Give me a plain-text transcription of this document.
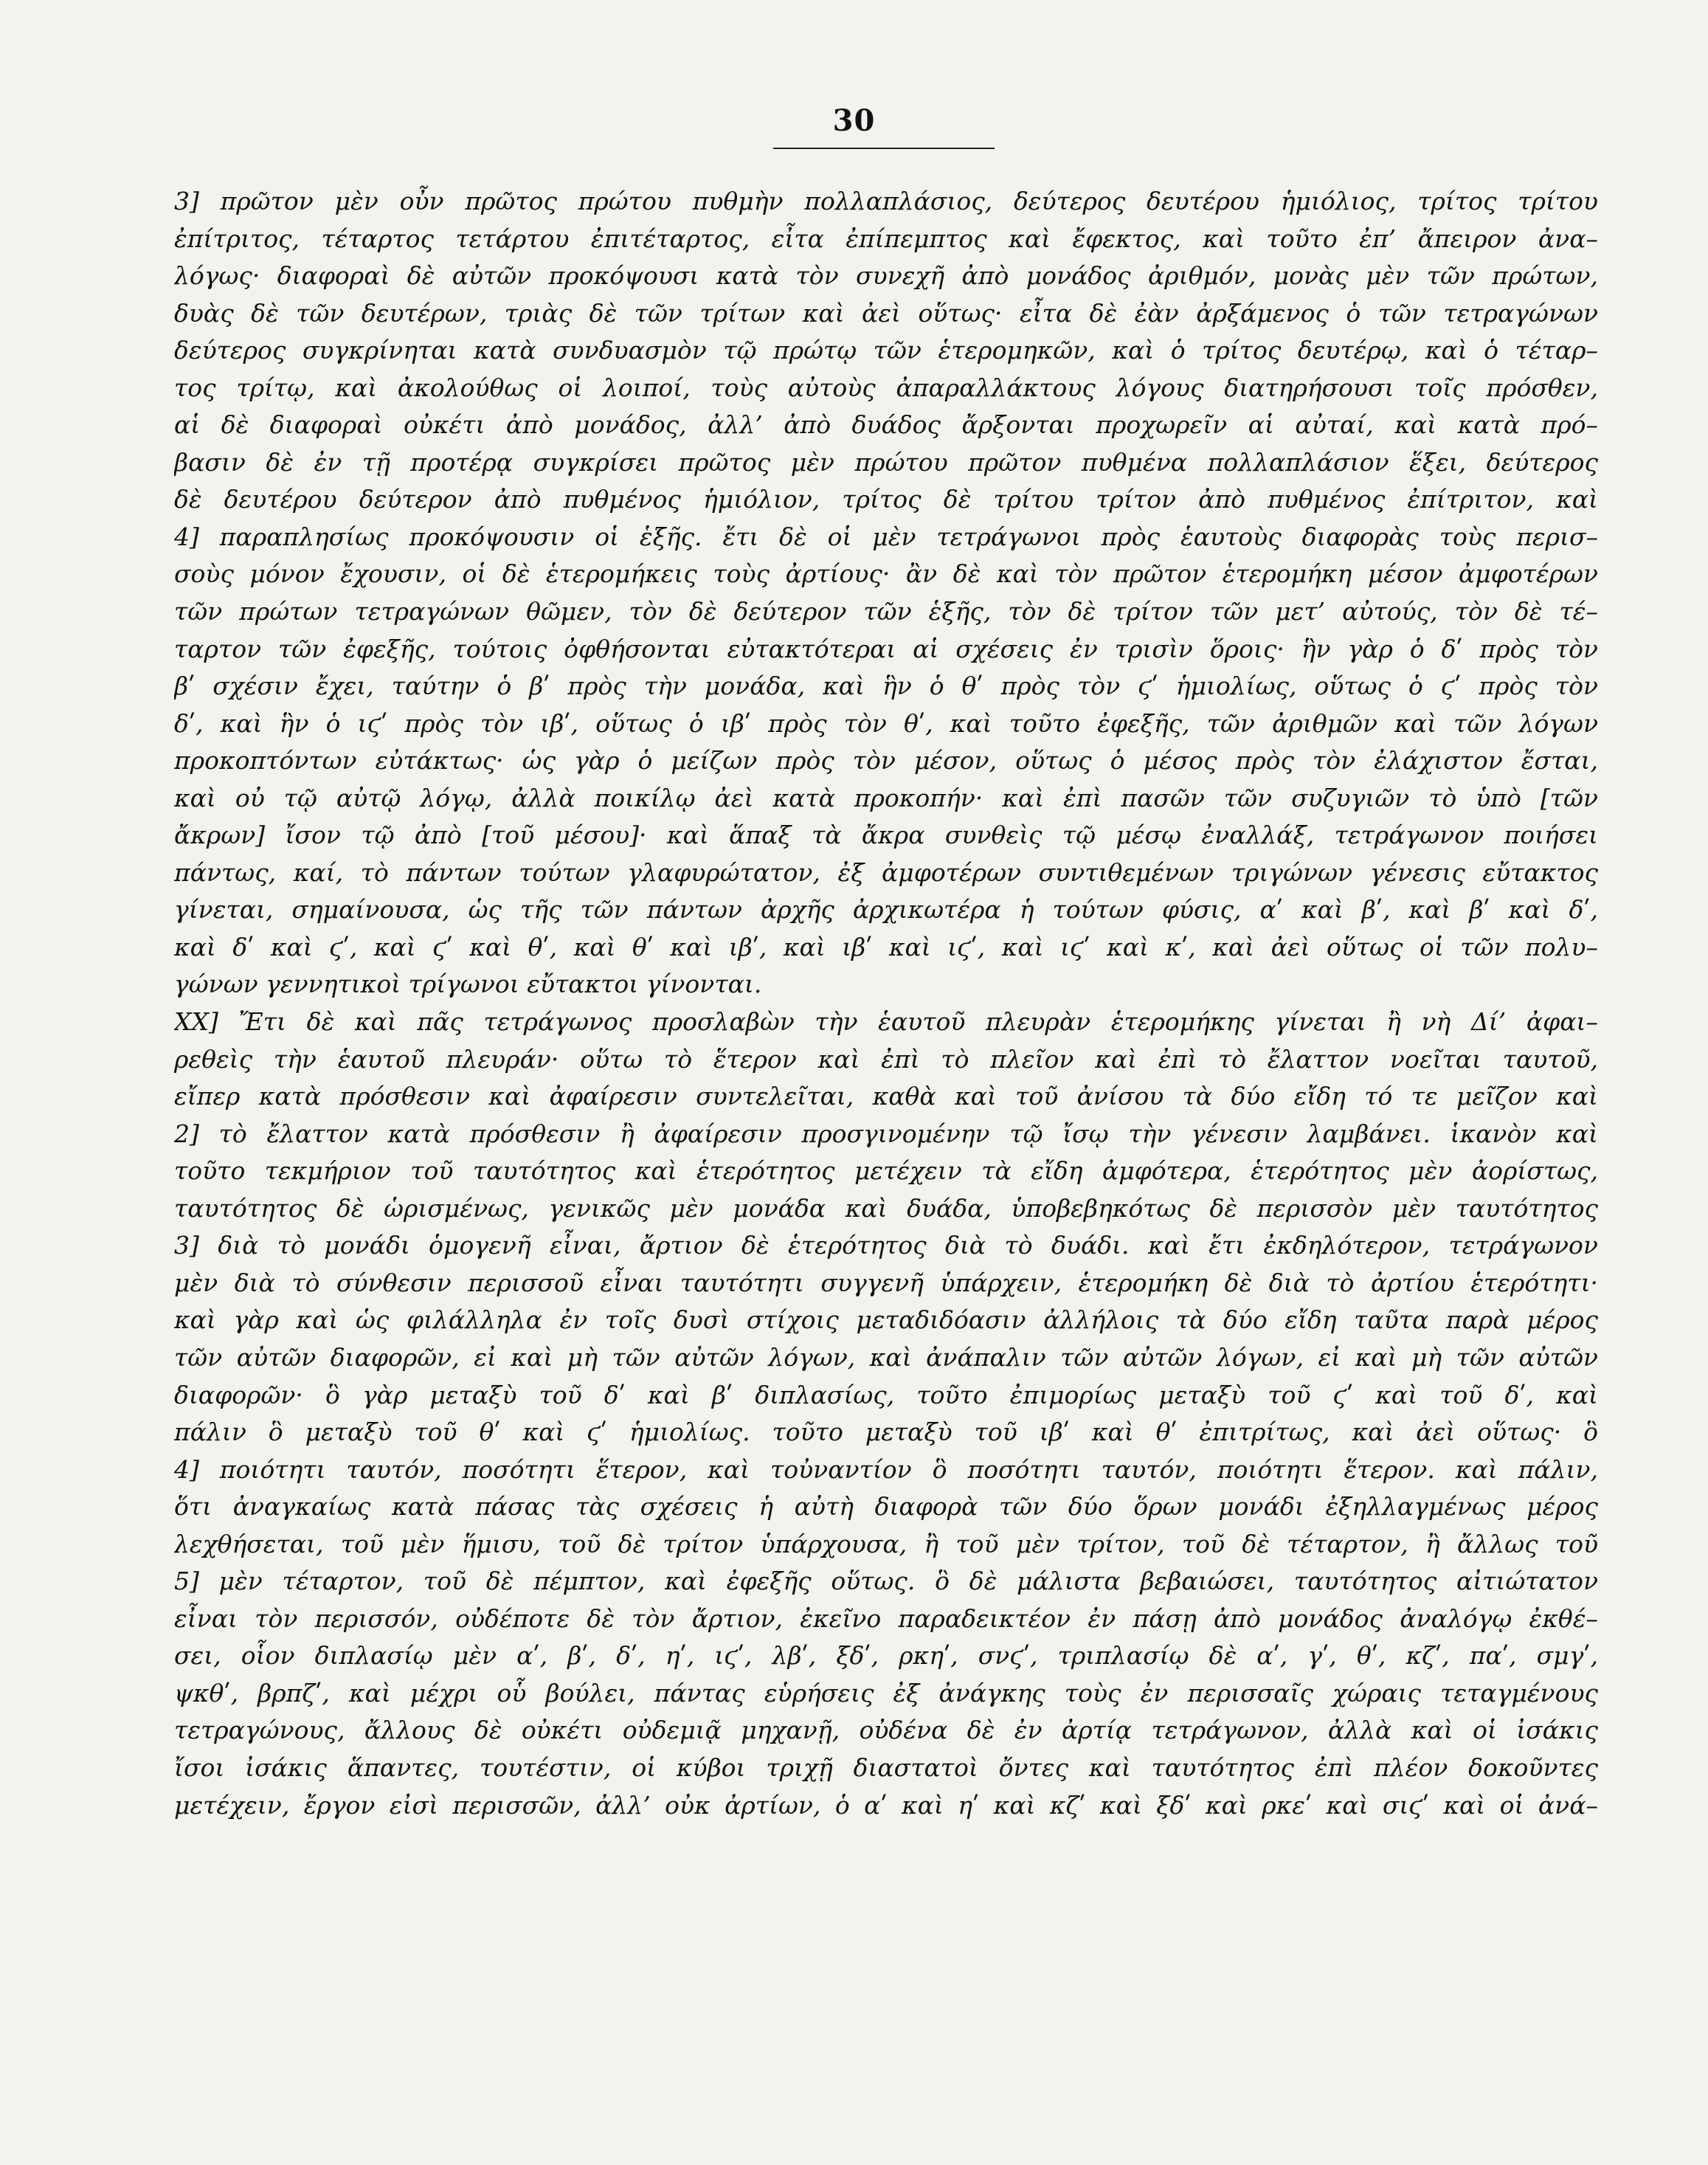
30
3] πρῶτον μὲν οὖν πρῶτος πρώτου πυθμὴν πολλαπλάσιος, δεύτερος δευτέρου ἡμιόλιος, τρίτος τρίτου
ἐπίτριτος, τέταρτος τετάρτου ἐπιτέταρτος, εἶτα ἐπίπεμπτος καὶ ἔφεκτος, καὶ τοῦτο ἐπ’ ἄπειρον ἀνα–
λόγως· διαφοραὶ δὲ αὐτῶν προκόψουσι κατὰ τὸν συνεχῆ ἀπὸ μονάδος ἀριθμόν, μονὰς μὲν τῶν πρώτων,
δυὰς δὲ τῶν δευτέρων, τριὰς δὲ τῶν τρίτων καὶ ἀεὶ οὕτως· εἶτα δὲ ἐὰν ἀρξάμενος ὁ τῶν τετραγώνων
δεύτερος συγκρίνηται κατὰ συνδυασμὸν τῷ πρώτῳ τῶν ἑτερομηκῶν, καὶ ὁ τρίτος δευτέρῳ, καὶ ὁ τέταρ–
τος τρίτῳ, καὶ ἀκολούθως οἱ λοιποί, τοὺς αὐτοὺς ἀπαραλλάκτους λόγους διατηρήσουσι τοῖς πρόσθεν,
αἱ δὲ διαφοραὶ οὐκέτι ἀπὸ μονάδος, ἀλλ’ ἀπὸ δυάδος ἄρξονται προχωρεῖν αἱ αὐταί, καὶ κατὰ πρό–
βασιν δὲ ἐν τῇ προτέρᾳ συγκρίσει πρῶτος μὲν πρώτου πρῶτον πυθμένα πολλαπλάσιον ἕξει, δεύτερος
δὲ δευτέρου δεύτερον ἀπὸ πυθμένος ἡμιόλιον, τρίτος δὲ τρίτου τρίτον ἀπὸ πυθμένος ἐπίτριτον, καὶ
4] παραπλησίως προκόψουσιν οἱ ἑξῆς. ἔτι δὲ οἱ μὲν τετράγωνοι πρὸς ἑαυτοὺς διαφορὰς τοὺς περισ–
σοὺς μόνον ἔχουσιν, οἱ δὲ ἑτερομήκεις τοὺς ἀρτίους· ἂν δὲ καὶ τὸν πρῶτον ἑτερομήκη μέσον ἀμφοτέρων
τῶν πρώτων τετραγώνων θῶμεν, τὸν δὲ δεύτερον τῶν ἑξῆς, τὸν δὲ τρίτον τῶν μετ’ αὐτούς, τὸν δὲ τέ–
ταρτον τῶν ἐφεξῆς, τούτοις ὀφθήσονται εὐτακτότεραι αἱ σχέσεις ἐν τρισὶν ὅροις· ἣν γὰρ ὁ δʹ πρὸς τὸν
βʹ σχέσιν ἔχει, ταύτην ὁ βʹ πρὸς τὴν μονάδα, καὶ ἣν ὁ θʹ πρὸς τὸν ϛʹ ἡμιολίως, οὕτως ὁ ϛʹ πρὸς τὸν
δʹ, καὶ ἣν ὁ ιϛʹ πρὸς τὸν ιβʹ, οὕτως ὁ ιβʹ πρὸς τὸν θʹ, καὶ τοῦτο ἐφεξῆς, τῶν ἀριθμῶν καὶ τῶν λόγων
προκοπτόντων εὐτάκτως· ὡς γὰρ ὁ μείζων πρὸς τὸν μέσον, οὕτως ὁ μέσος πρὸς τὸν ἐλάχιστον ἔσται,
καὶ οὐ τῷ αὐτῷ λόγῳ, ἀλλὰ ποικίλῳ ἀεὶ κατὰ προκοπήν· καὶ ἐπὶ πασῶν τῶν συζυγιῶν τὸ ὑπὸ [τῶν
ἄκρων] ἴσον τῷ ἀπὸ [τοῦ μέσου]· καὶ ἅπαξ τὰ ἄκρα συνθεὶς τῷ μέσῳ ἐναλλάξ, τετράγωνον ποιήσει
πάντως, καί, τὸ πάντων τούτων γλαφυρώτατον, ἐξ ἀμφοτέρων συντιθεμένων τριγώνων γένεσις εὔτακτος
γίνεται, σημαίνουσα, ὡς τῆς τῶν πάντων ἀρχῆς ἀρχικωτέρα ἡ τούτων φύσις, αʹ καὶ βʹ, καὶ βʹ καὶ δʹ,
καὶ δʹ καὶ ϛʹ, καὶ ϛʹ καὶ θʹ, καὶ θʹ καὶ ιβʹ, καὶ ιβʹ καὶ ιϛʹ, καὶ ιϛʹ καὶ κʹ, καὶ ἀεὶ οὕτως οἱ τῶν πολυ–
γώνων γεννητικοὶ τρίγωνοι εὔτακτοι γίνονται.
XX] Ἔτι δὲ καὶ πᾶς τετράγωνος προσλαβὼν τὴν ἑαυτοῦ πλευρὰν ἑτερομήκης γίνεται ἢ νὴ Δί’ ἀφαι–
ρεθεὶς τὴν ἑαυτοῦ πλευράν· οὕτω τὸ ἕτερον καὶ ἐπὶ τὸ πλεῖον καὶ ἐπὶ τὸ ἔλαττον νοεῖται ταυτοῦ,
εἴπερ κατὰ πρόσθεσιν καὶ ἀφαίρεσιν συντελεῖται, καθὰ καὶ τοῦ ἀνίσου τὰ δύο εἴδη τό τε μεῖζον καὶ
2] τὸ ἔλαττον κατὰ πρόσθεσιν ἢ ἀφαίρεσιν προσγινομένην τῷ ἴσῳ τὴν γένεσιν λαμβάνει. ἱκανὸν καὶ
τοῦτο τεκμήριον τοῦ ταυτότητος καὶ ἑτερότητος μετέχειν τὰ εἴδη ἀμφότερα, ἑτερότητος μὲν ἀορίστως,
ταυτότητος δὲ ὡρισμένως, γενικῶς μὲν μονάδα καὶ δυάδα, ὑποβεβηκότως δὲ περισσὸν μὲν ταυτότητος
3] διὰ τὸ μονάδι ὁμογενῆ εἶναι, ἄρτιον δὲ ἑτερότητος διὰ τὸ δυάδι. καὶ ἔτι ἐκδηλότερον, τετράγωνον
μὲν διὰ τὸ σύνθεσιν περισσοῦ εἶναι ταυτότητι συγγενῆ ὑπάρχειν, ἑτερομήκη δὲ διὰ τὸ ἀρτίου ἑτερότητι·
καὶ γὰρ καὶ ὡς φιλάλληλα ἐν τοῖς δυσὶ στίχοις μεταδιδόασιν ἀλλήλοις τὰ δύο εἴδη ταῦτα παρὰ μέρος
τῶν αὐτῶν διαφορῶν, εἰ καὶ μὴ τῶν αὐτῶν λόγων, καὶ ἀνάπαλιν τῶν αὐτῶν λόγων, εἰ καὶ μὴ τῶν αὐτῶν
διαφορῶν· ὃ γὰρ μεταξὺ τοῦ δʹ καὶ βʹ διπλασίως, τοῦτο ἐπιμορίως μεταξὺ τοῦ ϛʹ καὶ τοῦ δʹ, καὶ
πάλιν ὃ μεταξὺ τοῦ θʹ καὶ ϛʹ ἡμιολίως. τοῦτο μεταξὺ τοῦ ιβʹ καὶ θʹ ἐπιτρίτως, καὶ ἀεὶ οὕτως· ὃ
4] ποιότητι ταυτόν, ποσότητι ἕτερον, καὶ τοὐναντίον ὃ ποσότητι ταυτόν, ποιότητι ἕτερον. καὶ πάλιν,
ὅτι ἀναγκαίως κατὰ πάσας τὰς σχέσεις ἡ αὐτὴ διαφορὰ τῶν δύο ὅρων μονάδι ἐξηλλαγμένως μέρος
λεχθήσεται, τοῦ μὲν ἥμισυ, τοῦ δὲ τρίτον ὑπάρχουσα, ἢ τοῦ μὲν τρίτον, τοῦ δὲ τέταρτον, ἢ ἄλλως τοῦ
5] μὲν τέταρτον, τοῦ δὲ πέμπτον, καὶ ἐφεξῆς οὕτως. ὃ δὲ μάλιστα βεβαιώσει, ταυτότητος αἰτιώτατον
εἶναι τὸν περισσόν, οὐδέποτε δὲ τὸν ἄρτιον, ἐκεῖνο παραδεικτέον ἐν πάσῃ ἀπὸ μονάδος ἀναλόγῳ ἐκθέ–
σει, οἷον διπλασίῳ μὲν αʹ, βʹ, δʹ, ηʹ, ιϛʹ, λβʹ, ξδʹ, ρκηʹ, σνϛʹ, τριπλασίῳ δὲ αʹ, γʹ, θʹ, κζʹ, παʹ, σμγʹ,
ψκθʹ, βρπζʹ, καὶ μέχρι οὗ βούλει, πάντας εὑρήσεις ἐξ ἀνάγκης τοὺς ἐν περισσαῖς χώραις τεταγμένους
τετραγώνους, ἄλλους δὲ οὐκέτι οὐδεμιᾷ μηχανῇ, οὐδένα δὲ ἐν ἀρτίᾳ τετράγωνον, ἀλλὰ καὶ οἱ ἰσάκις
ἴσοι ἰσάκις ἅπαντες, τουτέστιν, οἱ κύβοι τριχῇ διαστατοὶ ὄντες καὶ ταυτότητος ἐπὶ πλέον δοκοῦντες
μετέχειν, ἔργον εἰσὶ περισσῶν, ἀλλ’ οὐκ ἀρτίων, ὁ αʹ καὶ ηʹ καὶ κζʹ καὶ ξδʹ καὶ ρκεʹ καὶ σιϛʹ καὶ οἱ ἀνά–
